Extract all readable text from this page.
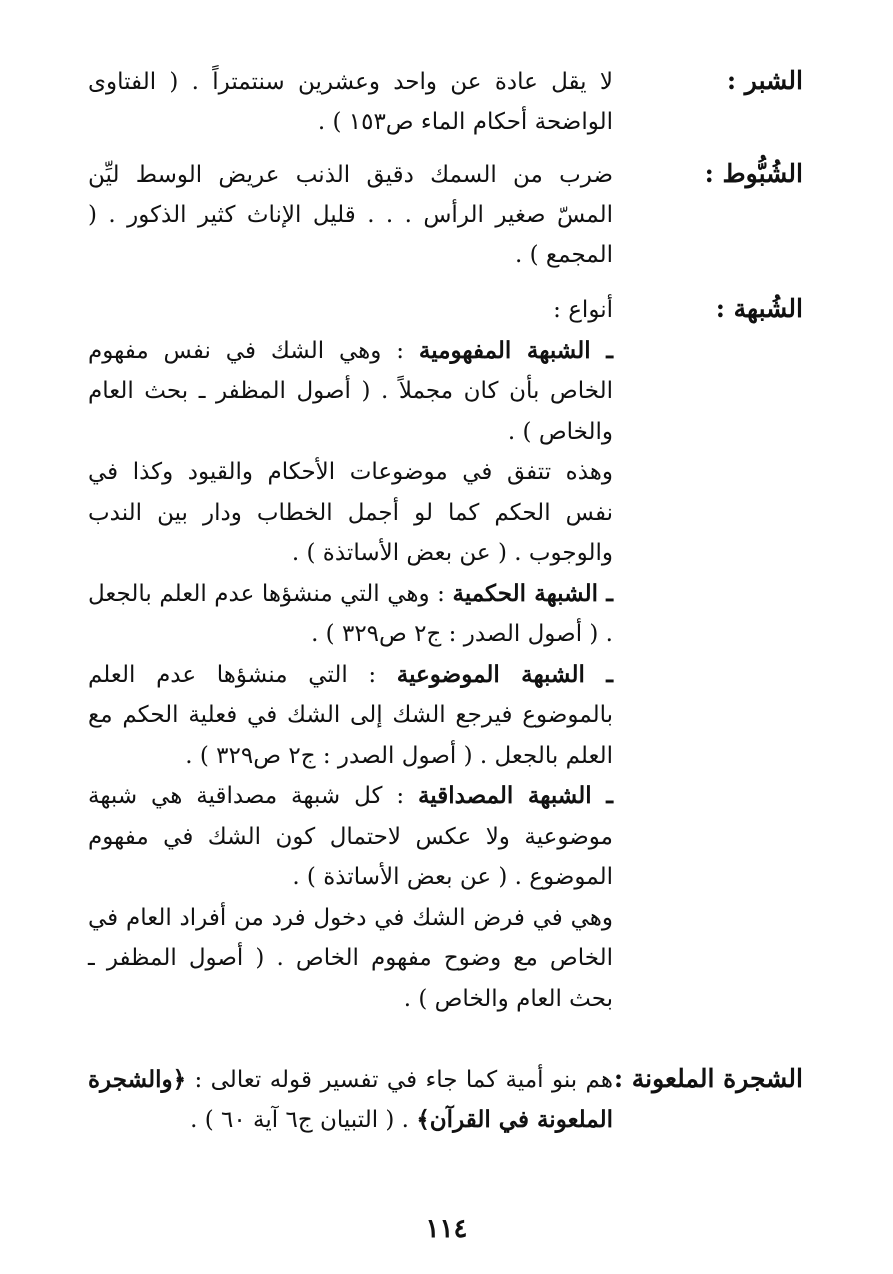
الشبر :

لا يقل عادة عن واحد وعشرين سنتمتراً . ( الفتاوى الواضحة أحكام الماء ص١٥٣ ) .

الشُبُّوط :

ضرب من السمك دقيق الذنب عريض الوسط ليِّن المسّ صغير الرأس . . . قليل الإناث كثير الذكور . ( المجمع ) .

الشُبهة :

أنواع :

ـ الشبهة المفهومية : وهي الشك في نفس مفهوم الخاص بأن كان مجملاً . ( أصول المظفر ـ بحث العام والخاص ) .

وهذه تتفق في موضوعات الأحكام والقيود وكذا في نفس الحكم كما لو أجمل الخطاب ودار بين الندب والوجوب . ( عن بعض الأساتذة ) .

ـ الشبهة الحكمية : وهي التي منشؤها عدم العلم بالجعل . ( أصول الصدر : ج٢ ص٣٢٩ ) .

ـ الشبهة الموضوعية : التي منشؤها عدم العلم بالموضوع فيرجع الشك إلى الشك في فعلية الحكم مع العلم بالجعل . ( أصول الصدر : ج٢ ص٣٢٩ ) .

ـ الشبهة المصداقية : كل شبهة مصداقية هي شبهة موضوعية ولا عكس لاحتمال كون الشك في مفهوم الموضوع . ( عن بعض الأساتذة ) .

وهي في فرض الشك في دخول فرد من أفراد العام في الخاص مع وضوح مفهوم الخاص . ( أصول المظفر ـ بحث العام والخاص ) .

الشجرة الملعونة :

هم بنو أمية كما جاء في تفسير قوله تعالى : ﴿والشجرة الملعونة في القرآن﴾ . ( التبيان ج٦ آية ٦٠ ) .

١١٤
